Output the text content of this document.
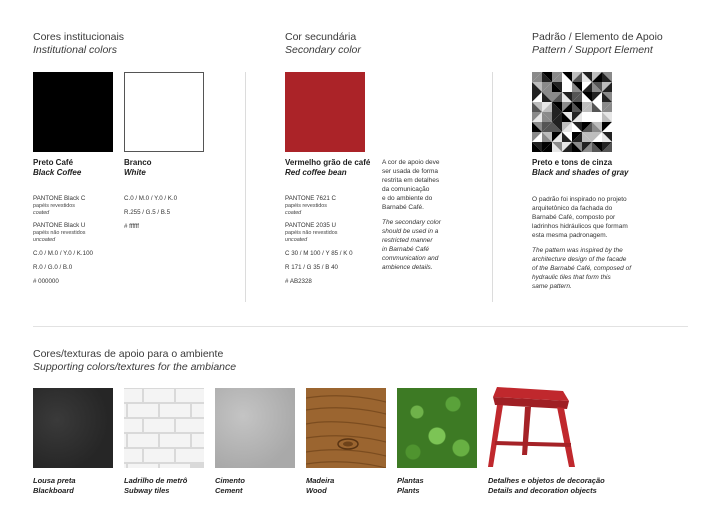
Cores institucionais
Institutional colors
Preto Café
Black Coffee
PANTONE Black C
papéis revestidos
coated
PANTONE Black U
papéis não revestidos
uncoated
C.0 / M.0 / Y.0 / K.100
R.0 / G.0 / B.0
# 000000
Branco
White
C.0 / M.0 / Y.0 / K.0
R.255 / G.5 / B.5
# ffffff
Cor secundária
Secondary color
Vermelho grão de café
Red coffee bean
PANTONE 7621 C
papéis revestidos
coated
PANTONE 2035 U
papéis não revestidos
uncoated
C 30 / M 100 / Y 85 / K 0
R 171 / G 35 / B 40
# AB2328
A cor de apoio deve
ser usada de forma
restrita em detalhes
da comunicação
e do ambiente do
Barnabé Café.
The secondary color
should be used in a
restricted manner
in Barnabé Café
communication and
ambience details.
Padrão / Elemento de Apoio
Pattern / Support Element
Preto e tons de cinza
Black and shades of gray
O padrão foi inspirado no projeto
arquitetônico da fachada do
Barnabé Café, composto por
ladrinhos hidráulicos que formam
esta mesma padronagem.
The pattern was inspired by the
architecture design of the facade
of the Barnabé Café, composed of
hydraulic tiles that form this
same pattern.
Cores/texturas de apoio para o ambiente
Supporting colors/textures for the ambiance
Lousa preta
Blackboard
Ladrilho de metrô
Subway tiles
Cimento
Cement
Madeira
Wood
Plantas
Plants
Detalhes e objetos de decoração
Details and decoration objects
